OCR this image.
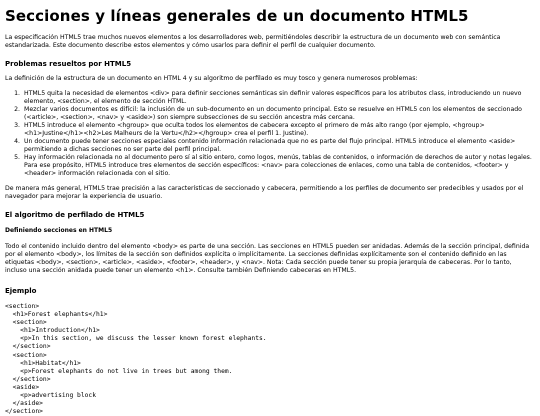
Secciones y líneas generales de un documento HTML5

La especificación HTML5 trae muchos nuevos elementos a los desarrolladores web, permitiéndoles describir la estructura de un documento web con semántica estandarizada. Este documento describe estos elementos y cómo usarlos para definir el perfil de cualquier documento.

Problemas resueltos por HTML5

La definición de la estructura de un documento en HTML 4 y su algoritmo de perfilado es muy tosco y genera numerosos problemas:

1. HTML5 quita la necesidad de elementos <div> para definir secciones semánticas sin definir valores específicos para los atributos class, introduciendo un nuevo elemento, <section>, el elemento de sección HTML.
2. Mezclar varios documentos es difícil: la inclusión de un sub-documento en un documento principal. Esto se resuelve en HTML5 con los elementos de seccionado (<article>, <section>, <nav> y <aside>) son siempre subsecciones de su sección ancestra más cercana.
3. HTML5 introduce el elemento <hgroup> que oculta todos los elementos de cabecera excepto el primero de más alto rango (por ejemplo, <hgroup> <h1>Justine</h1><h2>Les Malheurs de la Vertu</h2></hgroup> crea el perfil 1. Justine).
4. Un documento puede tener secciones especiales contenido información relacionada que no es parte del flujo principal. HTML5 introduce el elemento <aside> permitiendo a dichas secciones no ser parte del perfil principal.
5. Hay información relacionada no al documento pero sí al sitio entero, como logos, menús, tablas de contenidos, o información de derechos de autor y notas legales. Para ese propósito, HTML5 introduce tres elementos de sección específicos: <nav> para colecciones de enlaces, como una tabla de contenidos, <footer> y <header> información relacionada con el sitio.

De manera más general, HTML5 trae precisión a las características de seccionado y cabecera, permitiendo a los perfiles de documento ser predecibles y usados por el navegador para mejorar la experiencia de usuario.

El algoritmo de perfilado de HTML5
Definiendo secciones en HTML5

Todo el contenido incluido dentro del elemento <body> es parte de una sección. Las secciones en HTML5 pueden ser anidadas. Además de la sección principal, definida por el elemento <body>, los límites de la sección son definidos explícita o implícitamente. La secciones definidas explícitamente son el contenido definido en las etiquetas <body>, <section>, <article>, <aside>, <footer>, <header>, y <nav>. Nota: Cada sección puede tener su propia jerarquía de cabeceras. Por lo tanto, incluso una sección anidada puede tener un elemento <h1>. Consulte también Definiendo cabeceras en HTML5.

Ejemplo
<section>
<h1>Forest elephants</h1>
<section>
<h1>Introduction</h1>
<p>In this section, we discuss the lesser known forest elephants.
</section>
<section>
<h1>Habitat</h1>
<p>Forest elephants do not live in trees but among them.
</section>
<aside>
<p>advertising block
</aside>
</section>
